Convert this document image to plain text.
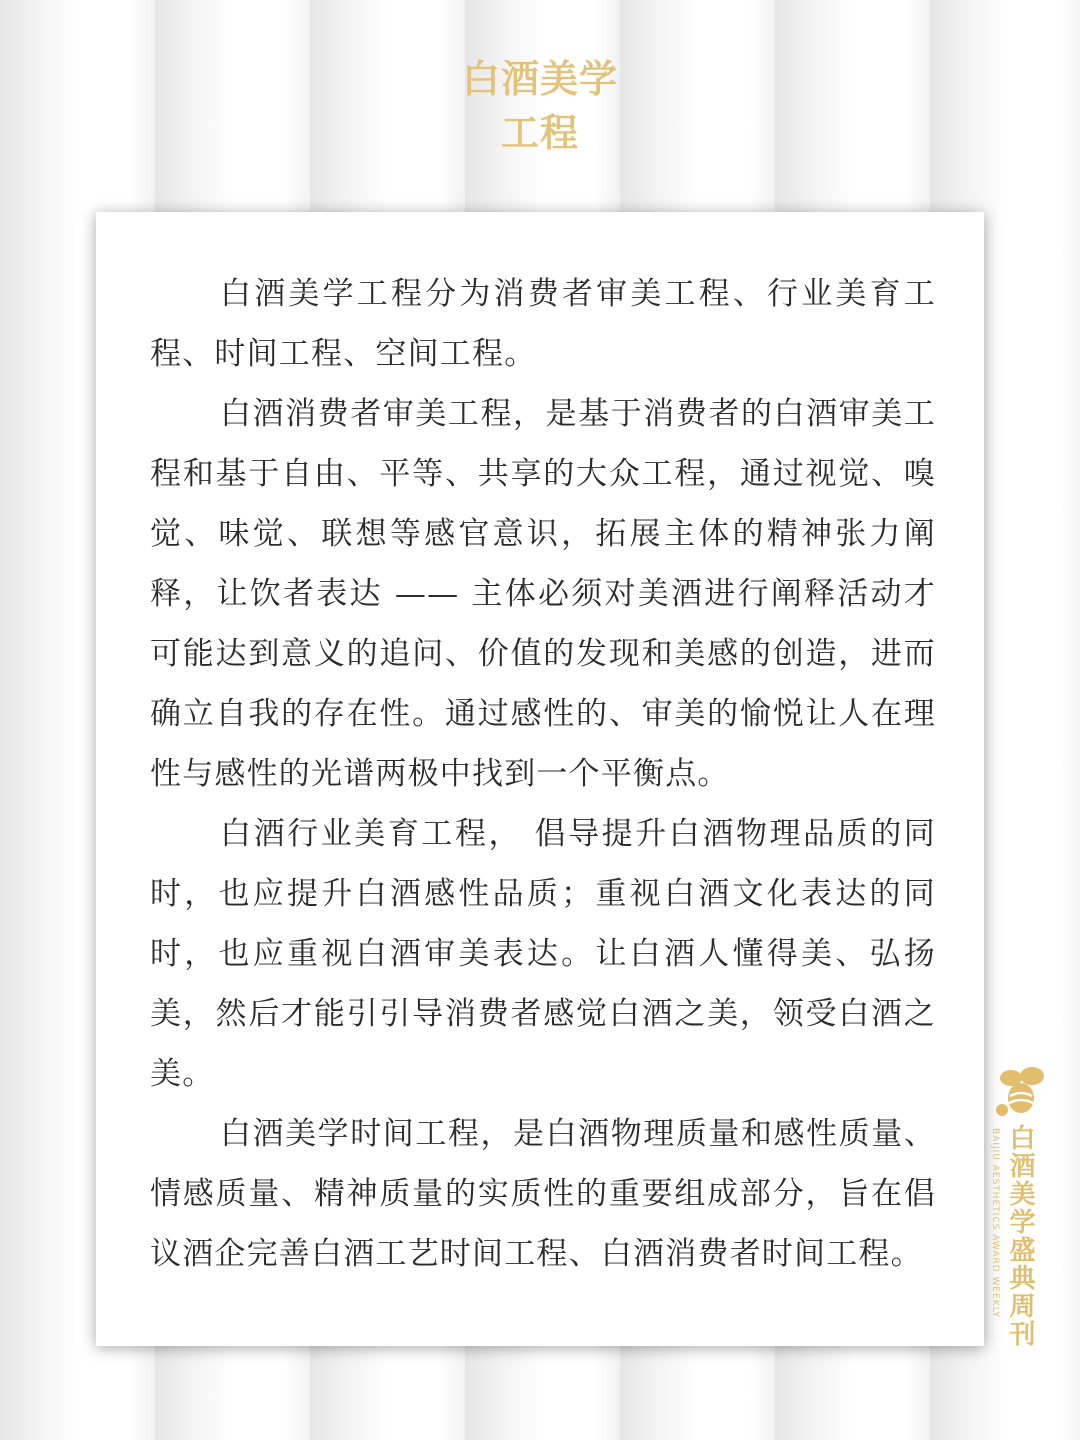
白酒美学
工程

白酒美学工程分为消费者审美工程、行业美育工程、时间工程、空间工程。

白酒消费者审美工程，是基于消费者的白酒审美工程和基于自由、平等、共享的大众工程，通过视觉、嗅觉、味觉、联想等感官意识，拓展主体的精神张力阐释，让饮者表达 —— 主体必须对美酒进行阐释活动才可能达到意义的追问、价值的发现和美感的创造，进而确立自我的存在性。通过感性的、审美的愉悦让人在理性与感性的光谱两极中找到一个平衡点。

白酒行业美育工程， 倡导提升白酒物理品质的同时，也应提升白酒感性品质；重视白酒文化表达的同时，也应重视白酒审美表达。让白酒人懂得美、弘扬美，然后才能引引导消费者感觉白酒之美，领受白酒之美。

白酒美学时间工程，是白酒物理质量和感性质量、情感质量、精神质量的实质性的重要组成部分，旨在倡议酒企完善白酒工艺时间工程、白酒消费者时间工程。	BAIJIU AESTHETICS AWARD WEEKLY 白酒美学盛典周刊
